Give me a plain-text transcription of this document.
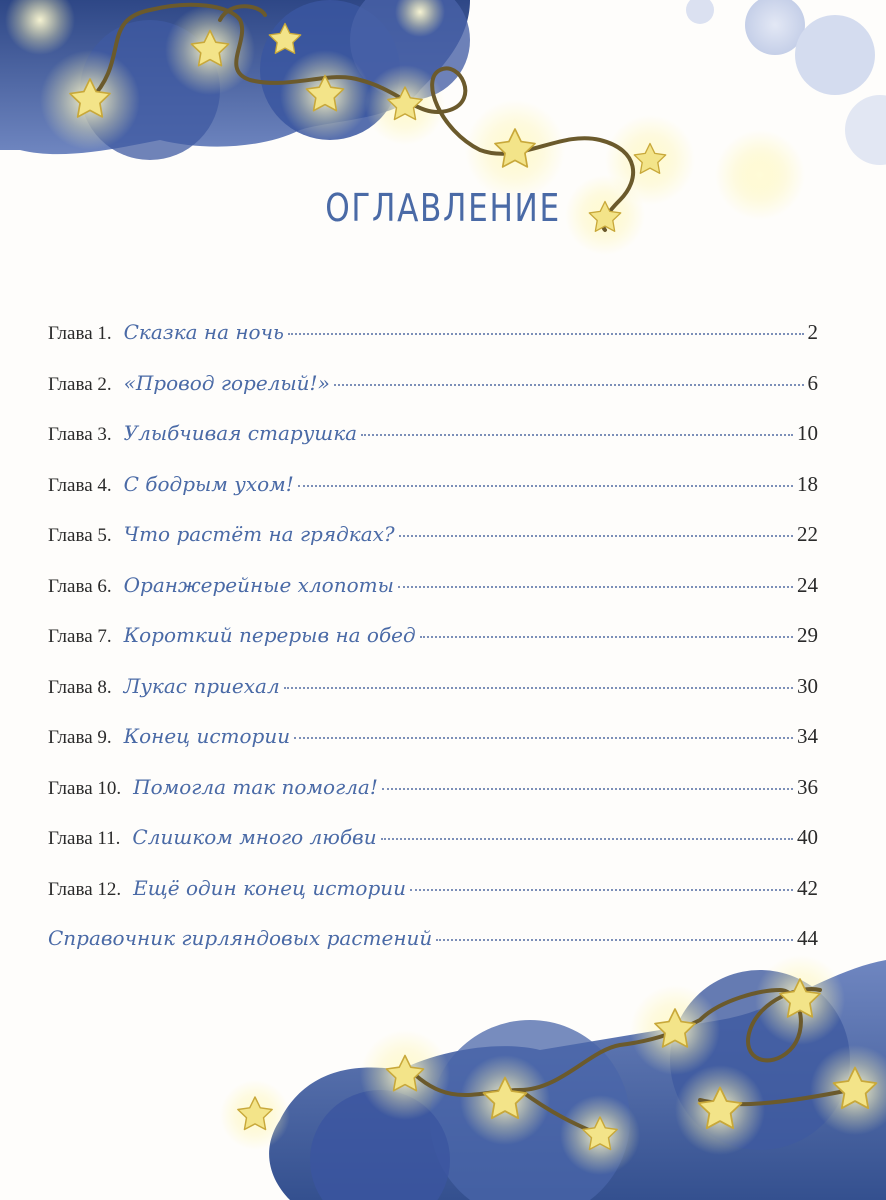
ОГЛАВЛЕНИЕ
Глава 1. Сказка на ночь	2
Глава 2. «Провод горелый!»	6
Глава 3. Улыбчивая старушка	10
Глава 4. С бодрым ухом!	18
Глава 5. Что растёт на грядках?	22
Глава 6. Оранжерейные хлопоты	24
Глава 7. Короткий перерыв на обед	29
Глава 8. Лукас приехал	30
Глава 9. Конец истории	34
Глава 10. Помогла так помогла!	36
Глава 11. Слишком много любви	40
Глава 12. Ещё один конец истории	42
Справочник гирляндовых растений	44
